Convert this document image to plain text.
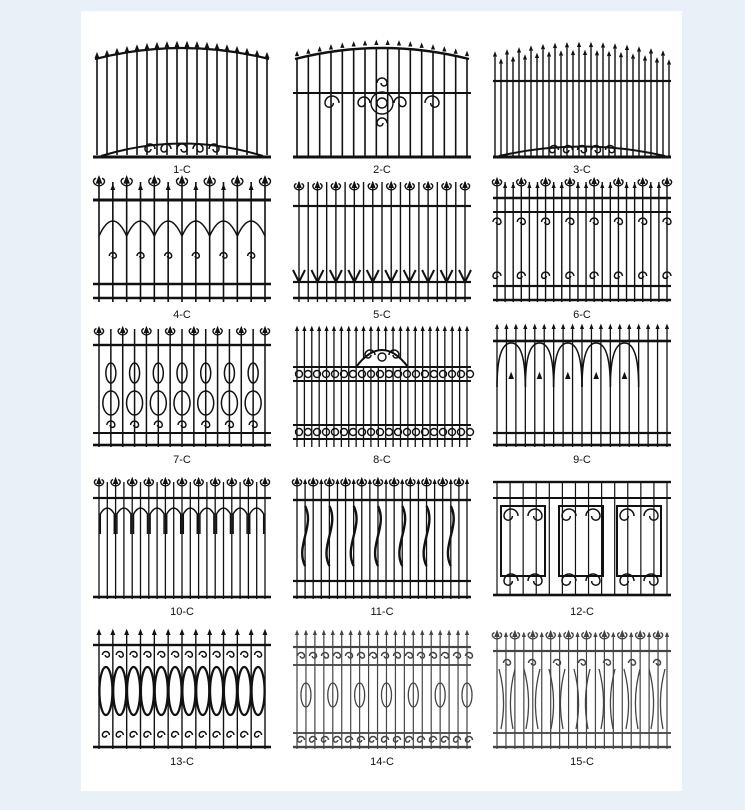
1-C	2-C	3-C
4-C	5-C	6-C
7-C	8-C	9-C
10-C	11-C	12-C
13-C	14-C	15-C
